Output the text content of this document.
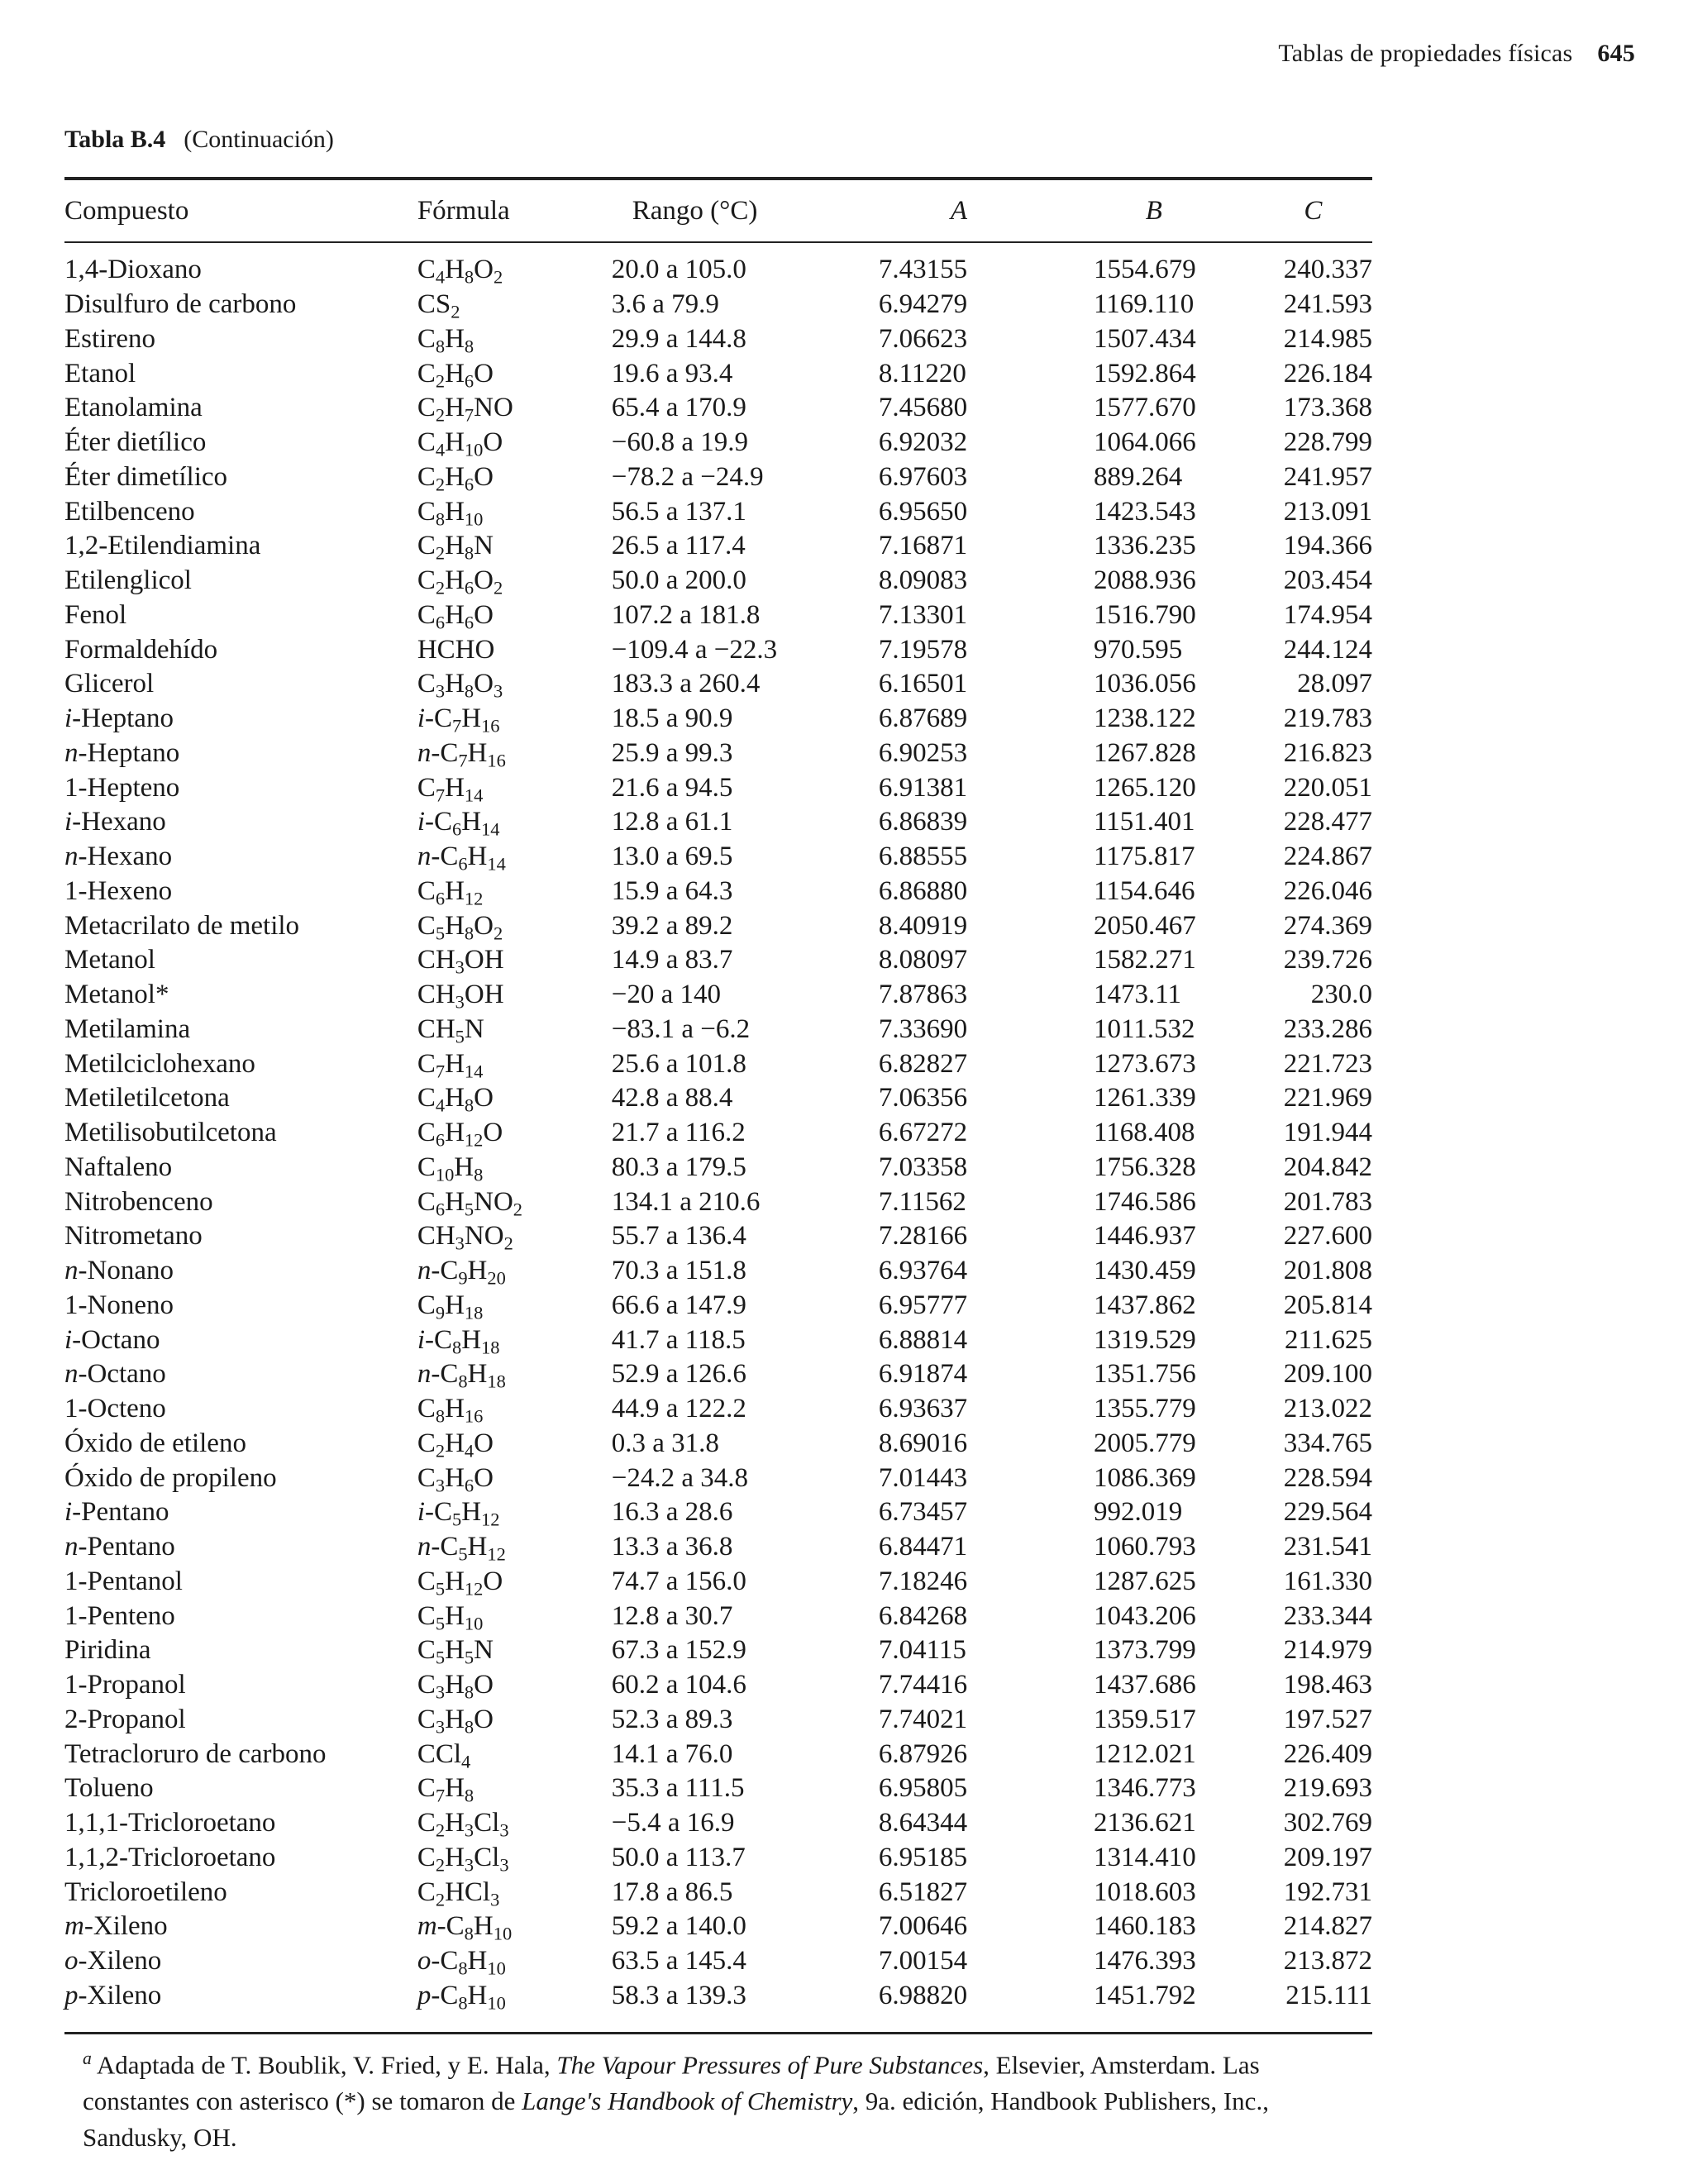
Tablas de propiedades físicas 645
Tabla B.4 (Continuación)
Compuesto	Fórmula	Rango (°C)	A	B	C
1,4-Dioxano	$C_4H_8O_2$	20.0 a 105.0	7.43155	1554.679	240.337
Disulfuro de carbono	$CS_2$	3.6 a 79.9	6.94279	1169.110	241.593
Estireno	$C_8H_8$	29.9 a 144.8	7.06623	1507.434	214.985
Etanol	$C_2H_6O$	19.6 a 93.4	8.11220	1592.864	226.184
Etanolamina	$C_2H_7NO$	65.4 a 170.9	7.45680	1577.670	173.368
Éter dietílico	$C_4H_{10}O$	−60.8 a 19.9	6.92032	1064.066	228.799
Éter dimetílico	$C_2H_6O$	−78.2 a −24.9	6.97603	889.264	241.957
Etilbenceno	$C_8H_{10}$	56.5 a 137.1	6.95650	1423.543	213.091
1,2-Etilendiamina	$C_2H_8N$	26.5 a 117.4	7.16871	1336.235	194.366
Etilenglicol	$C_2H_6O_2$	50.0 a 200.0	8.09083	2088.936	203.454
Fenol	$C_6H_6O$	107.2 a 181.8	7.13301	1516.790	174.954
Formaldehído	HCHO	−109.4 a −22.3	7.19578	970.595	244.124
Glicerol	$C_3H_8O_3$	183.3 a 260.4	6.16501	1036.056	28.097
i-Heptano	$i-C_7H_{16}$	18.5 a 90.9	6.87689	1238.122	219.783
n-Heptano	$n-C_7H_{16}$	25.9 a 99.3	6.90253	1267.828	216.823
1-Hepteno	$C_7H_{14}$	21.6 a 94.5	6.91381	1265.120	220.051
i-Hexano	$i-C_6H_{14}$	12.8 a 61.1	6.86839	1151.401	228.477
n-Hexano	$n-C_6H_{14}$	13.0 a 69.5	6.88555	1175.817	224.867
1-Hexeno	$C_6H_{12}$	15.9 a 64.3	6.86880	1154.646	226.046
Metacrilato de metilo	$C_5H_8O_2$	39.2 a 89.2	8.40919	2050.467	274.369
Metanol	$CH_3OH$	14.9 a 83.7	8.08097	1582.271	239.726
Metanol*	$CH_3OH$	−20 a 140	7.87863	1473.11	230.0
Metilamina	$CH_5N$	−83.1 a −6.2	7.33690	1011.532	233.286
Metilciclohexano	$C_7H_{14}$	25.6 a 101.8	6.82827	1273.673	221.723
Metiletilcetona	$C_4H_8O$	42.8 a 88.4	7.06356	1261.339	221.969
Metilisobutilcetona	$C_6H_{12}O$	21.7 a 116.2	6.67272	1168.408	191.944
Naftaleno	$C_{10}H_8$	80.3 a 179.5	7.03358	1756.328	204.842
Nitrobenceno	$C_6H_5NO_2$	134.1 a 210.6	7.11562	1746.586	201.783
Nitrometano	$CH_3NO_2$	55.7 a 136.4	7.28166	1446.937	227.600
n-Nonano	$n-C_9H_{20}$	70.3 a 151.8	6.93764	1430.459	201.808
1-Noneno	$C_9H_{18}$	66.6 a 147.9	6.95777	1437.862	205.814
i-Octano	$i-C_8H_{18}$	41.7 a 118.5	6.88814	1319.529	211.625
n-Octano	$n-C_8H_{18}$	52.9 a 126.6	6.91874	1351.756	209.100
1-Octeno	$C_8H_{16}$	44.9 a 122.2	6.93637	1355.779	213.022
Óxido de etileno	$C_2H_4O$	0.3 a 31.8	8.69016	2005.779	334.765
Óxido de propileno	$C_3H_6O$	−24.2 a 34.8	7.01443	1086.369	228.594
i-Pentano	$i-C_5H_{12}$	16.3 a 28.6	6.73457	992.019	229.564
n-Pentano	$n-C_5H_{12}$	13.3 a 36.8	6.84471	1060.793	231.541
1-Pentanol	$C_5H_{12}O$	74.7 a 156.0	7.18246	1287.625	161.330
1-Penteno	$C_5H_{10}$	12.8 a 30.7	6.84268	1043.206	233.344
Piridina	$C_5H_5N$	67.3 a 152.9	7.04115	1373.799	214.979
1-Propanol	$C_3H_8O$	60.2 a 104.6	7.74416	1437.686	198.463
2-Propanol	$C_3H_8O$	52.3 a 89.3	7.74021	1359.517	197.527
Tetracloruro de carbono	CCl$_4$	14.1 a 76.0	6.87926	1212.021	226.409
Tolueno	$C_7H_8$	35.3 a 111.5	6.95805	1346.773	219.693
1,1,1-Tricloroetano	$C_2H_3Cl_3$	−5.4 a 16.9	8.64344	2136.621	302.769
1,1,2-Tricloroetano	$C_2H_3Cl_3$	50.0 a 113.7	6.95185	1314.410	209.197
Tricloroetileno	$C_2HCl_3$	17.8 a 86.5	6.51827	1018.603	192.731
m-Xileno	$m-C_8H_{10}$	59.2 a 140.0	7.00646	1460.183	214.827
o-Xileno	$o-C_8H_{10}$	63.5 a 145.4	7.00154	1476.393	213.872
p-Xileno	$p-C_8H_{10}$	58.3 a 139.3	6.98820	1451.792	215.111
$^a$ Adaptada de T. Boublik, V. Fried, y E. Hala, The Vapour Pressures of Pure Substances, Elsevier, Amsterdam. Las constantes con asterisco (*) se tomaron de Lange's Handbook of Chemistry, 9a. edición, Handbook Publishers, Inc., Sandusky, OH.
